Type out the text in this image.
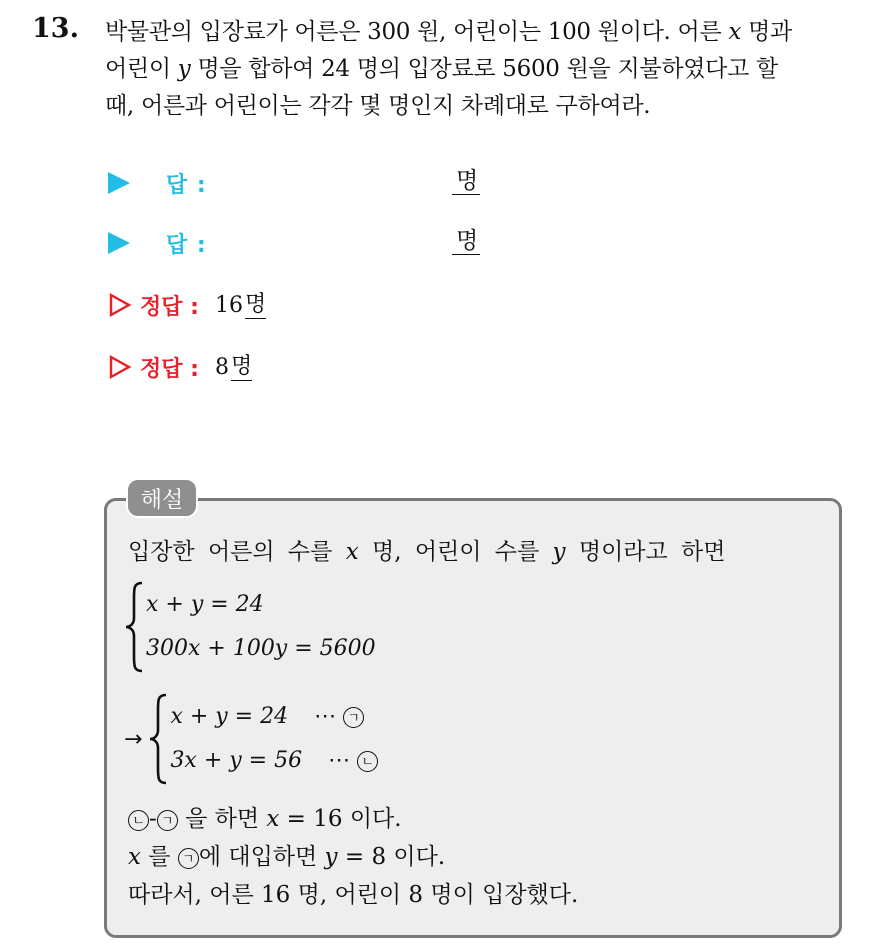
13. 박물관의 입장료가 어른은 300 원, 어린이는 100 원이다. 어른 x 명과
어린이 y 명을 합하여 24 명의 입장료로 5600 원을 지불하였다고 할
때, 어른과 어린이는 각각 몇 명인지 차례대로 구하여라.
답 :	명
답 :	명
정답 : 16 명
정답 : 8 명
해설
입장한 어른의 수를 x 명, 어린이 수를 y 명이라고 하면
x + y = 24
300x + 100y = 5600
→
x + y = 24 ⋯ ㄱ
3x + y = 56 ⋯ ㄴ
ㄴ - ㄱ 을 하면 x = 16 이다.
x 를 ㄱ 에 대입하면 y = 8 이다.
따라서, 어른 16 명, 어린이 8 명이 입장했다.
